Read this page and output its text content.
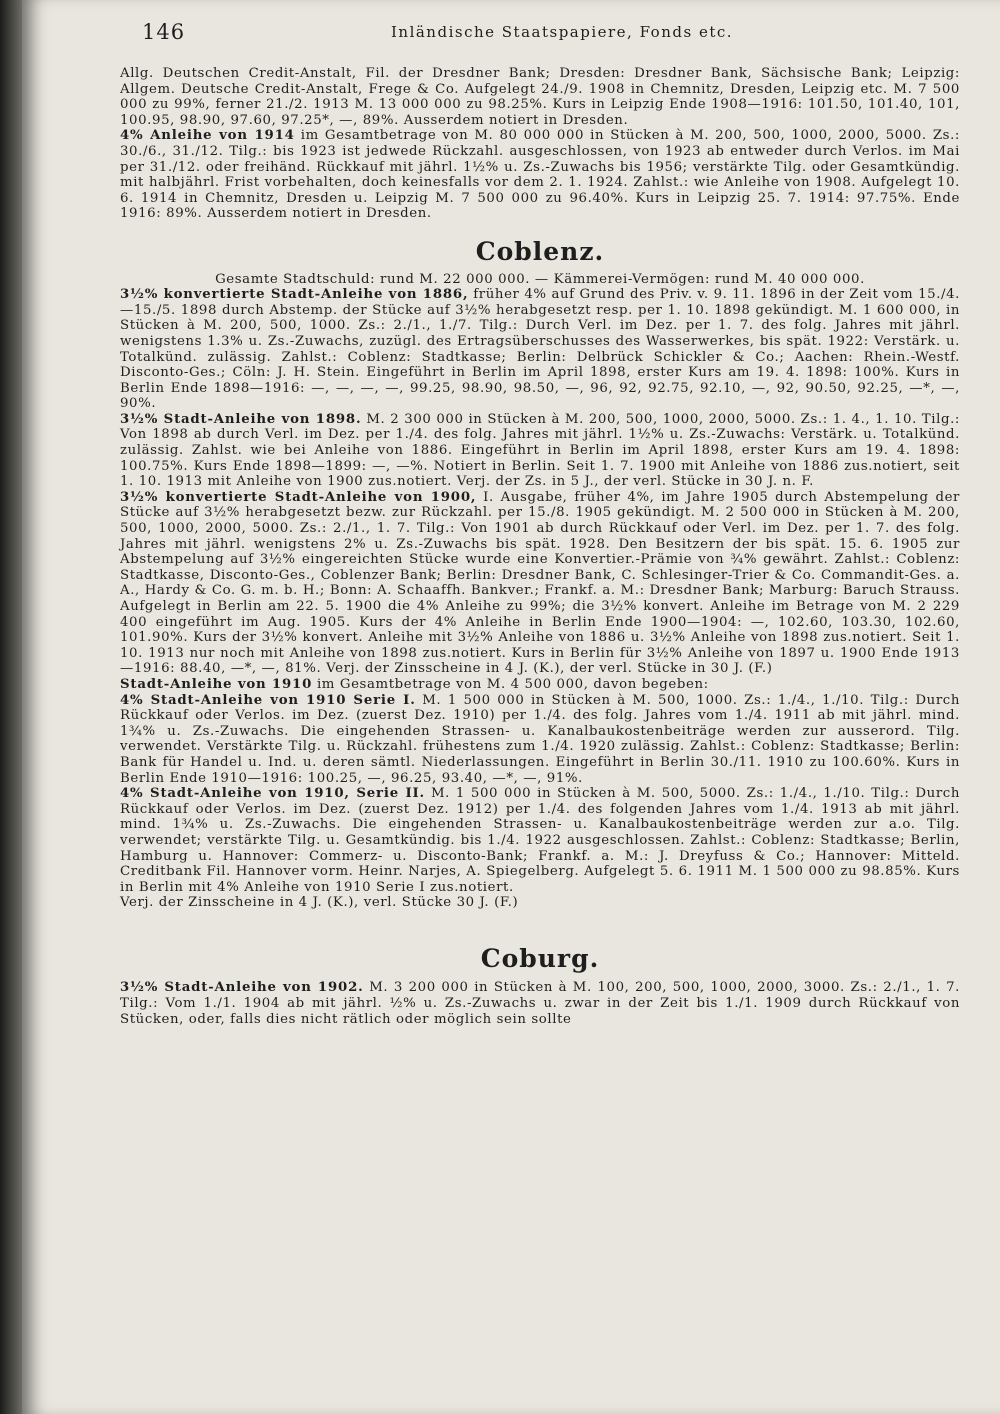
146	Inländische Staatspapiere, Fonds etc.

Allg. Deutschen Credit-Anstalt, Fil. der Dresdner Bank; Dresden: Dresdner Bank, Sächsische Bank; Leipzig: Allgem. Deutsche Credit-Anstalt, Frege & Co. Aufgelegt 24./9. 1908 in Chemnitz, Dresden, Leipzig etc. M. 7 500 000 zu 99%, ferner 21./2. 1913 M. 13 000 000 zu 98.25%. Kurs in Leipzig Ende 1908—1916: 101.50, 101.40, 101, 100.95, 98.90, 97.60, 97.25*, —, 89%. Ausserdem notiert in Dresden.

4% Anleihe von 1914 im Gesamtbetrage von M. 80 000 000 in Stücken à M. 200, 500, 1000, 2000, 5000. Zs.: 30./6., 31./12. Tilg.: bis 1923 ist jedwede Rückzahl. ausgeschlossen, von 1923 ab entweder durch Verlos. im Mai per 31./12. oder freihänd. Rückkauf mit jährl. 1½% u. Zs.-Zuwachs bis 1956; verstärkte Tilg. oder Gesamtkündig. mit halbjährl. Frist vorbehalten, doch keinesfalls vor dem 2. 1. 1924. Zahlst.: wie Anleihe von 1908. Aufgelegt 10. 6. 1914 in Chemnitz, Dresden u. Leipzig M. 7 500 000 zu 96.40%. Kurs in Leipzig 25. 7. 1914: 97.75%. Ende 1916: 89%. Ausserdem notiert in Dresden.

Coblenz.

Gesamte Stadtschuld: rund M. 22 000 000. — Kämmerei-Vermögen: rund M. 40 000 000.

3½% konvertierte Stadt-Anleihe von 1886, früher 4% auf Grund des Priv. v. 9. 11. 1896 in der Zeit vom 15./4.—15./5. 1898 durch Abstemp. der Stücke auf 3½% herabgesetzt resp. per 1. 10. 1898 gekündigt. M. 1 600 000, in Stücken à M. 200, 500, 1000. Zs.: 2./1., 1./7. Tilg.: Durch Verl. im Dez. per 1. 7. des folg. Jahres mit jährl. wenigstens 1.3% u. Zs.-Zuwachs, zuzügl. des Ertragsüberschusses des Wasserwerkes, bis spät. 1922: Verstärk. u. Totalkünd. zulässig. Zahlst.: Coblenz: Stadtkasse; Berlin: Delbrück Schickler & Co.; Aachen: Rhein.-Westf. Disconto-Ges.; Cöln: J. H. Stein. Eingeführt in Berlin im April 1898, erster Kurs am 19. 4. 1898: 100%. Kurs in Berlin Ende 1898—1916: —, —, —, —, 99.25, 98.90, 98.50, —, 96, 92, 92.75, 92.10, —, 92, 90.50, 92.25, —*, —, 90%.

3½% Stadt-Anleihe von 1898. M. 2 300 000 in Stücken à M. 200, 500, 1000, 2000, 5000. Zs.: 1. 4., 1. 10. Tilg.: Von 1898 ab durch Verl. im Dez. per 1./4. des folg. Jahres mit jährl. 1½% u. Zs.-Zuwachs: Verstärk. u. Totalkünd. zulässig. Zahlst. wie bei Anleihe von 1886. Eingeführt in Berlin im April 1898, erster Kurs am 19. 4. 1898: 100.75%. Kurs Ende 1898—1899: —, —%. Notiert in Berlin. Seit 1. 7. 1900 mit Anleihe von 1886 zus.notiert, seit 1. 10. 1913 mit Anleihe von 1900 zus.notiert. Verj. der Zs. in 5 J., der verl. Stücke in 30 J. n. F.

3½% konvertierte Stadt-Anleihe von 1900, I. Ausgabe, früher 4%, im Jahre 1905 durch Abstempelung der Stücke auf 3½% herabgesetzt bezw. zur Rückzahl. per 15./8. 1905 gekündigt. M. 2 500 000 in Stücken à M. 200, 500, 1000, 2000, 5000. Zs.: 2./1., 1. 7. Tilg.: Von 1901 ab durch Rückkauf oder Verl. im Dez. per 1. 7. des folg. Jahres mit jährl. wenigstens 2% u. Zs.-Zuwachs bis spät. 1928. Den Besitzern der bis spät. 15. 6. 1905 zur Abstempelung auf 3½% eingereichten Stücke wurde eine Konvertier.-Prämie von ¾% gewährt. Zahlst.: Coblenz: Stadtkasse, Disconto-Ges., Coblenzer Bank; Berlin: Dresdner Bank, C. Schlesinger-Trier & Co. Commandit-Ges. a. A., Hardy & Co. G. m. b. H.; Bonn: A. Schaaffh. Bankver.; Frankf. a. M.: Dresdner Bank; Marburg: Baruch Strauss. Aufgelegt in Berlin am 22. 5. 1900 die 4% Anleihe zu 99%; die 3½% konvert. Anleihe im Betrage von M. 2 229 400 eingeführt im Aug. 1905. Kurs der 4% Anleihe in Berlin Ende 1900—1904: —, 102.60, 103.30, 102.60, 101.90%. Kurs der 3½% konvert. Anleihe mit 3½% Anleihe von 1886 u. 3½% Anleihe von 1898 zus.notiert. Seit 1. 10. 1913 nur noch mit Anleihe von 1898 zus.notiert. Kurs in Berlin für 3½% Anleihe von 1897 u. 1900 Ende 1913—1916: 88.40, —*, —, 81%. Verj. der Zinsscheine in 4 J. (K.), der verl. Stücke in 30 J. (F.)

Stadt-Anleihe von 1910 im Gesamtbetrage von M. 4 500 000, davon begeben:

4% Stadt-Anleihe von 1910 Serie I. M. 1 500 000 in Stücken à M. 500, 1000. Zs.: 1./4., 1./10. Tilg.: Durch Rückkauf oder Verlos. im Dez. (zuerst Dez. 1910) per 1./4. des folg. Jahres vom 1./4. 1911 ab mit jährl. mind. 1¾% u. Zs.-Zuwachs. Die eingehenden Strassen- u. Kanalbaukostenbeiträge werden zur ausserord. Tilg. verwendet. Verstärkte Tilg. u. Rückzahl. frühestens zum 1./4. 1920 zulässig. Zahlst.: Coblenz: Stadtkasse; Berlin: Bank für Handel u. Ind. u. deren sämtl. Niederlassungen. Eingeführt in Berlin 30./11. 1910 zu 100.60%. Kurs in Berlin Ende 1910—1916: 100.25, —, 96.25, 93.40, —*, —, 91%.

4% Stadt-Anleihe von 1910, Serie II. M. 1 500 000 in Stücken à M. 500, 5000. Zs.: 1./4., 1./10. Tilg.: Durch Rückkauf oder Verlos. im Dez. (zuerst Dez. 1912) per 1./4. des folgenden Jahres vom 1./4. 1913 ab mit jährl. mind. 1¾% u. Zs.-Zuwachs. Die eingehenden Strassen- u. Kanalbaukostenbeiträge werden zur a.o. Tilg. verwendet; verstärkte Tilg. u. Gesamtkündig. bis 1./4. 1922 ausgeschlossen. Zahlst.: Coblenz: Stadtkasse; Berlin, Hamburg u. Hannover: Commerz- u. Disconto-Bank; Frankf. a. M.: J. Dreyfuss & Co.; Hannover: Mitteld. Creditbank Fil. Hannover vorm. Heinr. Narjes, A. Spiegelberg. Aufgelegt 5. 6. 1911 M. 1 500 000 zu 98.85%. Kurs in Berlin mit 4% Anleihe von 1910 Serie I zus.notiert.

Verj. der Zinsscheine in 4 J. (K.), verl. Stücke 30 J. (F.)

Coburg.

3½% Stadt-Anleihe von 1902. M. 3 200 000 in Stücken à M. 100, 200, 500, 1000, 2000, 3000. Zs.: 2./1., 1. 7. Tilg.: Vom 1./1. 1904 ab mit jährl. ½% u. Zs.-Zuwachs u. zwar in der Zeit bis 1./1. 1909 durch Rückkauf von Stücken, oder, falls dies nicht rätlich oder möglich sein sollte
